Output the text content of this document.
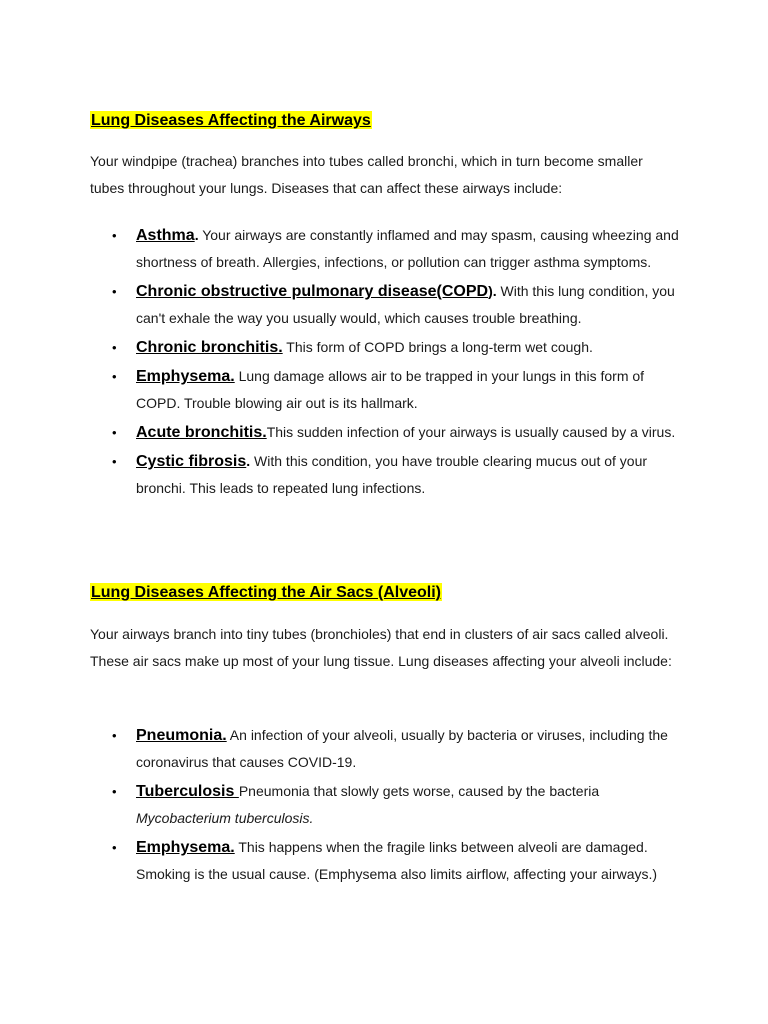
Lung Diseases Affecting the Airways

Your windpipe (trachea) branches into tubes called bronchi, which in turn become smaller tubes throughout your lungs. Diseases that can affect these airways include:

• Asthma. Your airways are constantly inflamed and may spasm, causing wheezing and shortness of breath. Allergies, infections, or pollution can trigger asthma symptoms.
• Chronic obstructive pulmonary disease(COPD). With this lung condition, you can't exhale the way you usually would, which causes trouble breathing.
• Chronic bronchitis. This form of COPD brings a long-term wet cough.
• Emphysema. Lung damage allows air to be trapped in your lungs in this form of COPD. Trouble blowing air out is its hallmark.
• Acute bronchitis.This sudden infection of your airways is usually caused by a virus.
• Cystic fibrosis. With this condition, you have trouble clearing mucus out of your bronchi. This leads to repeated lung infections.
Lung Diseases Affecting the Air Sacs (Alveoli)

Your airways branch into tiny tubes (bronchioles) that end in clusters of air sacs called alveoli. These air sacs make up most of your lung tissue. Lung diseases affecting your alveoli include:

• Pneumonia. An infection of your alveoli, usually by bacteria or viruses, including the coronavirus that causes COVID-19.
• Tuberculosis Pneumonia that slowly gets worse, caused by the bacteria Mycobacterium tuberculosis.
• Emphysema. This happens when the fragile links between alveoli are damaged. Smoking is the usual cause. (Emphysema also limits airflow, affecting your airways.)
